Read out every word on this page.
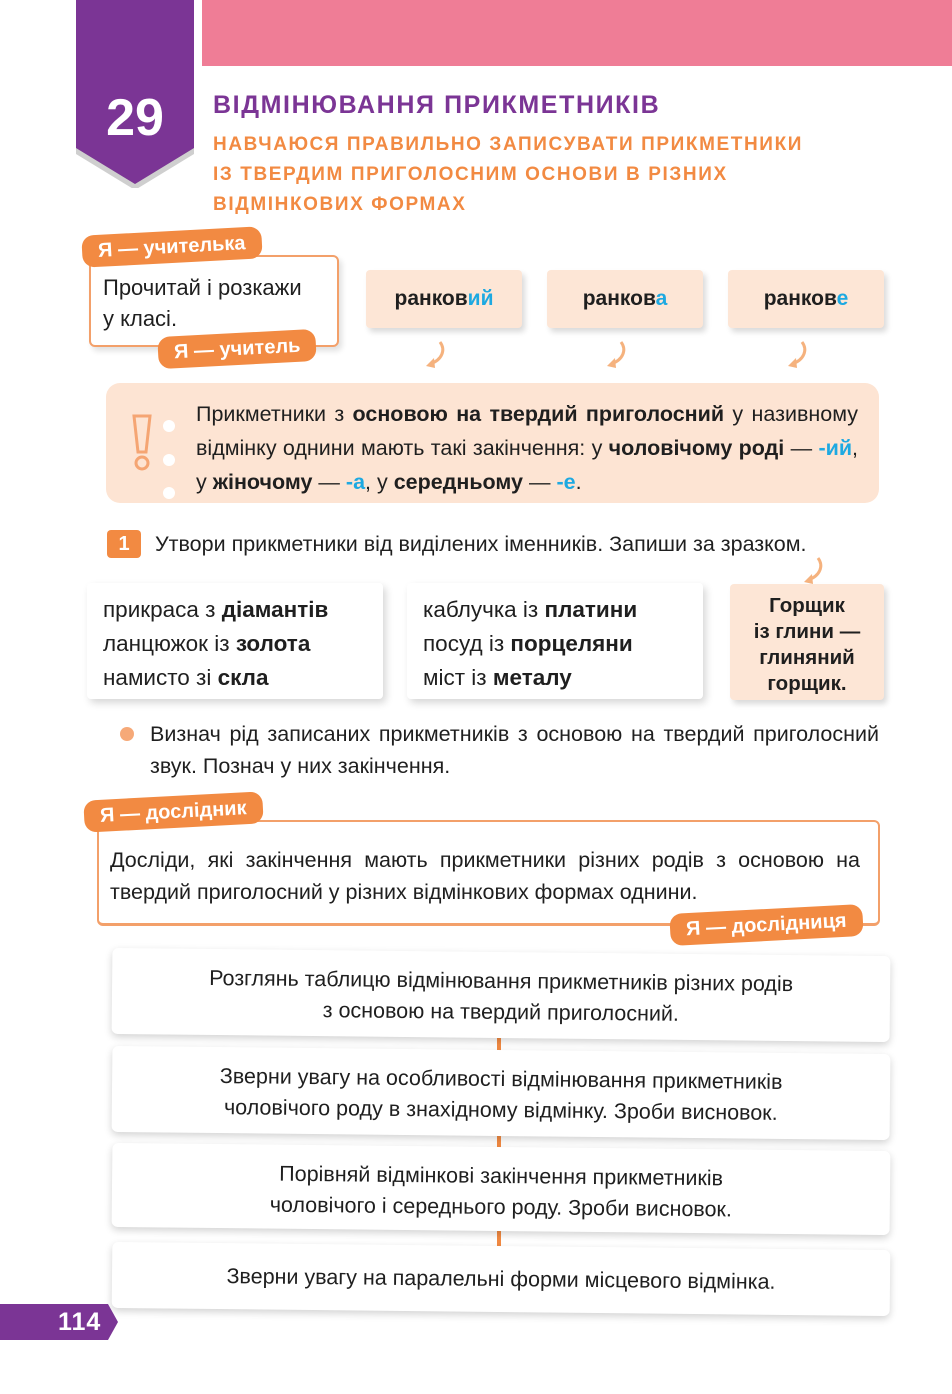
29	ВІДМІНЮВАННЯ ПРИКМЕТНИКІВ
НАВЧАЮСЯ ПРАВИЛЬНО ЗАПИСУВАТИ ПРИКМЕТНИКИ
ІЗ ТВЕРДИМ ПРИГОЛОСНИМ ОСНОВИ В РІЗНИХ
ВІДМІНКОВИХ ФОРМАХ
Я — учителька
Прочитай і розкажи
у класі.
Я — учитель
ранковий	ранкова	ранкове
Прикметники з основою на твердий приголосний у називному відмінку однини мають такі закінчення: у чоловічому роді — -ий, у жіночому — -а, у середньому — -е.
1	Утвори прикметники від виділених іменників. Запиши за зразком.
прикраса з діамантів
ланцюжок із золота
намисто зі скла
каблучка із платини
посуд із порцеляни
міст із металу
Горщик
із глини —
глиняний
горщик.
Визнач рід записаних прикметників з основою на твердий приголосний звук. Познач у них закінчення.
Я — дослідник
Досліди, які закінчення мають прикметники різних родів з основою на твердий приголосний у різних відмінкових формах однини.
Я — дослідниця
Розглянь таблицю відмінювання прикметників різних родів
з основою на твердий приголосний.
Зверни увагу на особливості відмінювання прикметників
чоловічого роду в знахідному відмінку. Зроби висновок.
Порівняй відмінкові закінчення прикметників
чоловічого і середнього роду. Зроби висновок.
Зверни увагу на паралельні форми місцевого відмінка.
114
